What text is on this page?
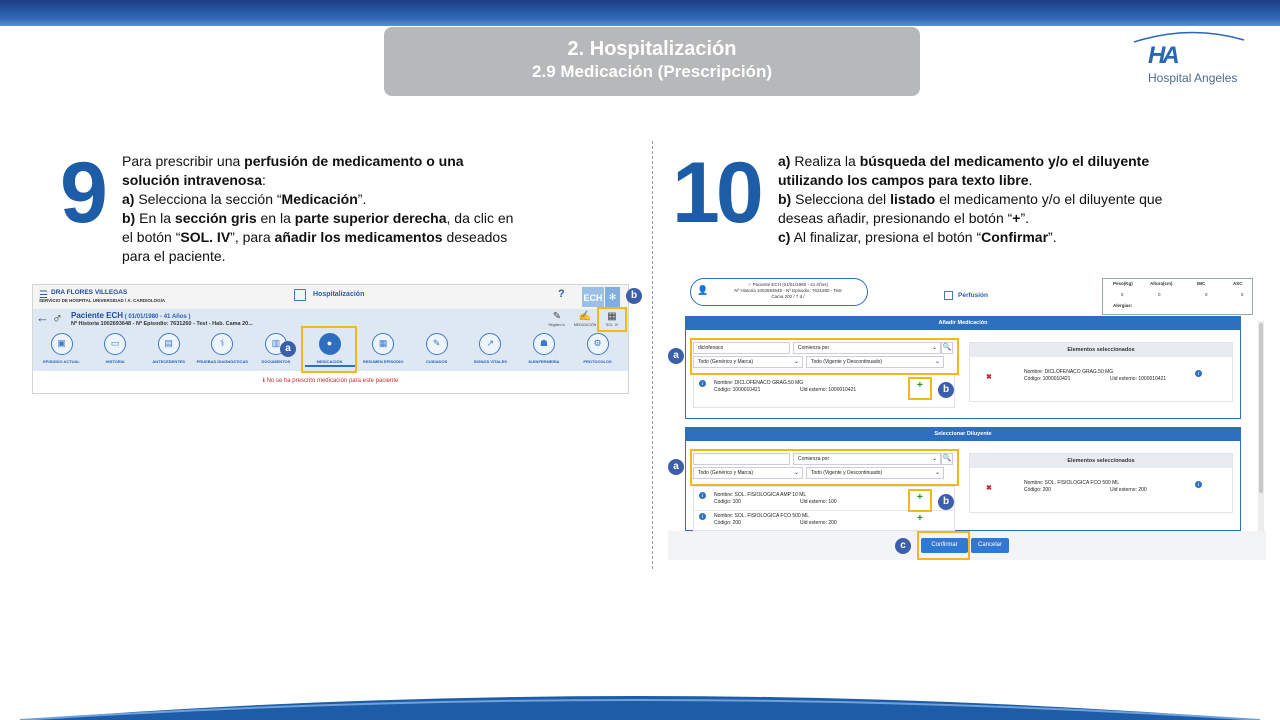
2. Hospitalización
2.9 Medicación (Prescripción)
HA
Hospital Angeles
9 Para prescribir una perfusión de medicamento o una solución intravenosa:
a) Selecciona la sección “Medicación”.
b) En la sección gris en la parte superior derecha, da clic en el botón “SOL. IV”, para añadir los medicamentos deseados para el paciente.
10 a) Realiza la búsqueda del medicamento y/o el diluyente utilizando los campos para texto libre.
b) Selecciona del listado el medicamento y/o el diluyente que deseas añadir, presionando el botón “+”.
c) Al finalizar, presiona el botón “Confirmar”.
☰ DRA FLORES VILLEGAS
SERVICIO DE HOSPITAL UNIVERSIDAD / A. CARDIOLOGÍA
Hospitalización	? ECH ✻
← ♂ Paciente ECH ( 01/01/1980 - 41 Años )
Nº Historia 1002693648 - Nº Episodio: 7631260 - Test - Hab. Cama 20...
✎
Registro IL
✍
MEDICACIÓN
▦
SOL. IV
▣
EPISODIO ACTUAL
▭
HISTORIA
▤
ANTECEDENTES
⚕
PRUEBAS DIAGNÓSTICAS
▥
DOCUMENTOS
●
MEDICACIÓN
▦
RESUMEN EPISODIO
✎
CUIDADOS
↗
SIGNOS VITALES
☗
M.ENFERMERÍA
⚙
PROTOCOLOS
ℹ No se ha prescrito medicación para este paciente
a
b	👤
♂ Paciente ECH (01/01/1980 - 41 Años)
Nº Historia 1002693648 - Nº Episodio: 7631260 - Test
Cama 202 / 7 d /	Perfusión
Alergias:
Peso(Kg)
0
Altura(cm)
0
IMC
0
ASC
0
Añadir Medicación
diclofenaco	Comienza por	⌄ 🔍
Todo (Genérico y Marca)	⌄	Todo (Vigente y Descontinuado)	⌄
i	Nombre: DICLOFENACO GRAG.50 MG
Código: 1000010421	Uid externo: 1000010421	+
Elementos seleccionados
✖
Nombre: DICLOFENACO GRAG.50 MG
Código: 1000010421	Uid externo: 1000010421
i
Seleccionar Diluyente
Comienza por	⌄ 🔍
Todo (Genérico y Marca)	⌄	Todo (Vigente y Descontinuado)	⌄
i	Nombre: SOL. FISIOLOGICA AMP 10 ML
Código: 100	Uid externo: 100	+
i	Nombre: SOL. FISIOLOGICA FCO 500 ML
Código: 200	Uid externo: 200	+
Elementos seleccionados
✖
Nombre: SOL. FISIOLOGICA FCO 500 ML
Código: 200	Uid externo: 200
i
Confirmar	Cancelar
a
b
a
b
c
